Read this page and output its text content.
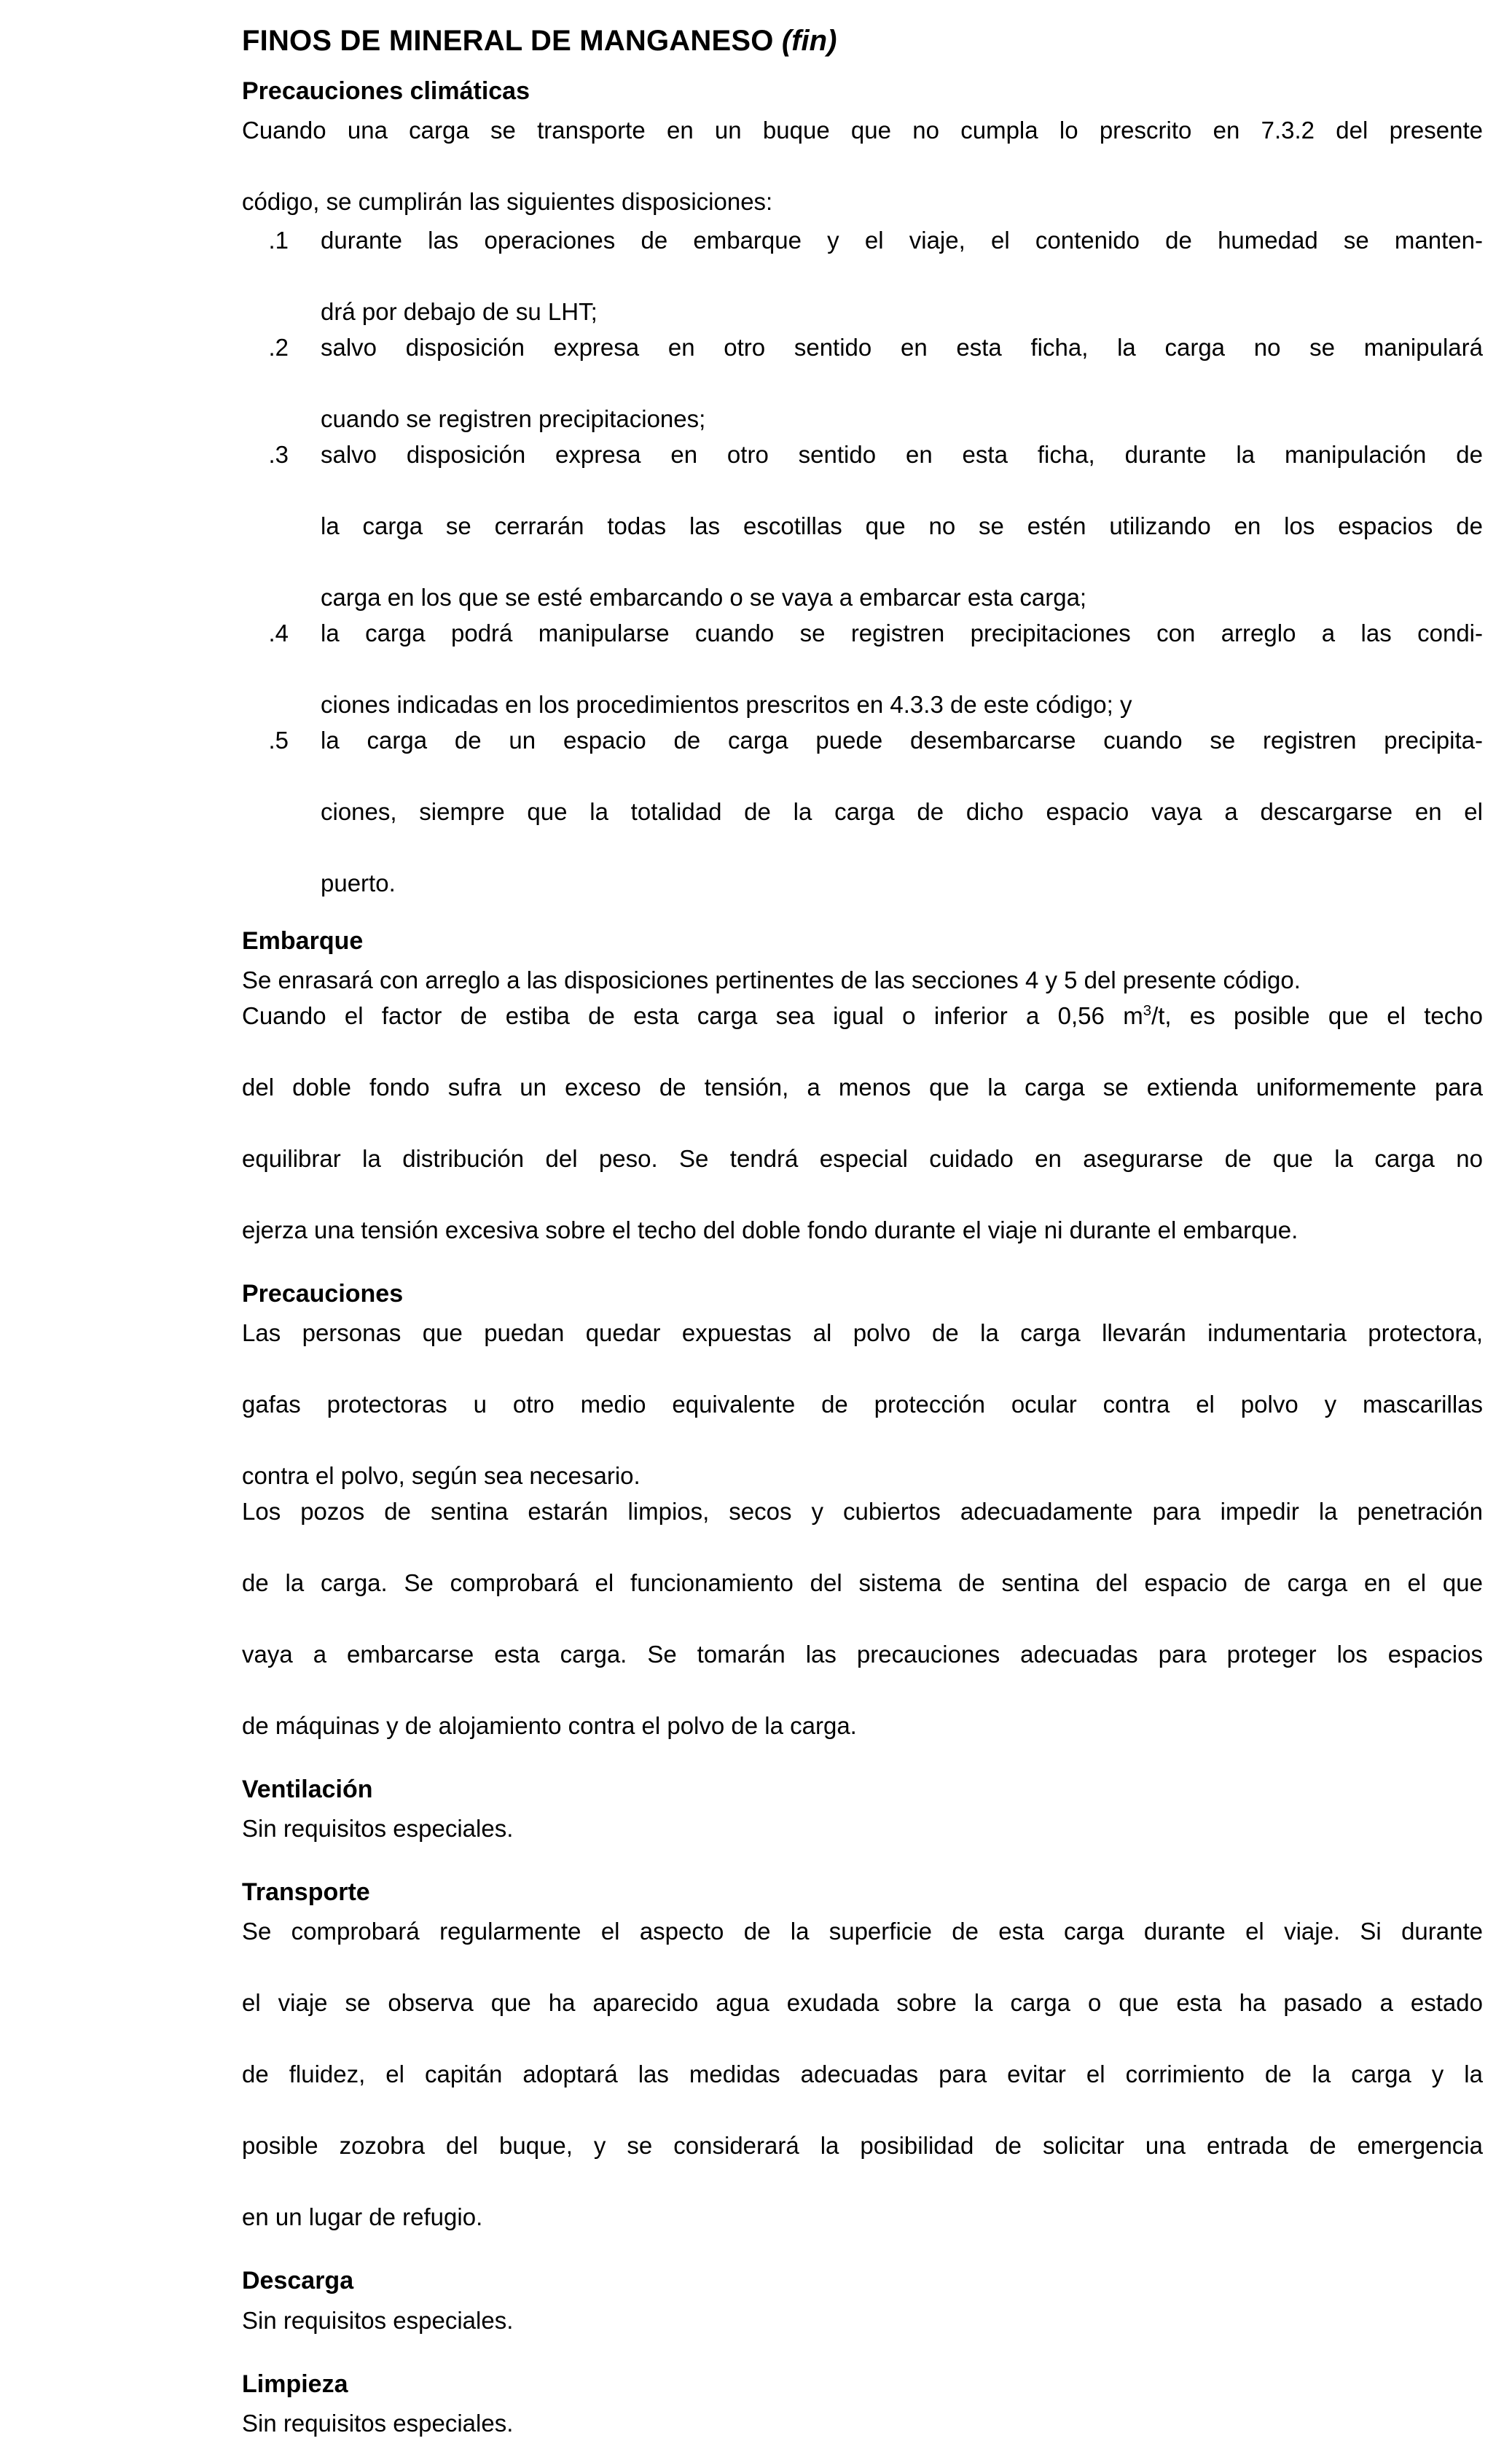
FINOS DE MINERAL DE MANGANESO (fin)
Precauciones climáticas

Cuando una carga se transporte en un buque que no cumpla lo prescrito en 7.3.2 del presente
código, se cumplirán las siguientes disposiciones:

.1	durante las operaciones de embarque y el viaje, el contenido de humedad se manten-
drá por debajo de su LHT;
.2	salvo disposición expresa en otro sentido en esta ficha, la carga no se manipulará
cuando se registren precipitaciones;
.3	salvo disposición expresa en otro sentido en esta ficha, durante la manipulación de
la carga se cerrarán todas las escotillas que no se estén utilizando en los espacios de
carga en los que se esté embarcando o se vaya a embarcar esta carga;
.4	la carga podrá manipularse cuando se registren precipitaciones con arreglo a las condi-
ciones indicadas en los procedimientos prescritos en 4.3.3 de este código; y
.5	la carga de un espacio de carga puede desembarcarse cuando se registren precipita-
ciones, siempre que la totalidad de la carga de dicho espacio vaya a descargarse en el
puerto.
Embarque

Se enrasará con arreglo a las disposiciones pertinentes de las secciones 4 y 5 del presente código.

Cuando el factor de estiba de esta carga sea igual o inferior a 0,56 $m^3/t$, es posible que el techo
del doble fondo sufra un exceso de tensión, a menos que la carga se extienda uniformemente para
equilibrar la distribución del peso. Se tendrá especial cuidado en asegurarse de que la carga no
ejerza una tensión excesiva sobre el techo del doble fondo durante el viaje ni durante el embarque.

Precauciones

Las personas que puedan quedar expuestas al polvo de la carga llevarán indumentaria protectora,
gafas protectoras u otro medio equivalente de protección ocular contra el polvo y mascarillas
contra el polvo, según sea necesario.

Los pozos de sentina estarán limpios, secos y cubiertos adecuadamente para impedir la penetración
de la carga. Se comprobará el funcionamiento del sistema de sentina del espacio de carga en el que
vaya a embarcarse esta carga. Se tomarán las precauciones adecuadas para proteger los espacios
de máquinas y de alojamiento contra el polvo de la carga.

Ventilación

Sin requisitos especiales.

Transporte

Se comprobará regularmente el aspecto de la superficie de esta carga durante el viaje. Si durante
el viaje se observa que ha aparecido agua exudada sobre la carga o que esta ha pasado a estado
de fluidez, el capitán adoptará las medidas adecuadas para evitar el corrimiento de la carga y la
posible zozobra del buque, y se considerará la posibilidad de solicitar una entrada de emergencia
en un lugar de refugio.

Descarga

Sin requisitos especiales.

Limpieza

Sin requisitos especiales.
